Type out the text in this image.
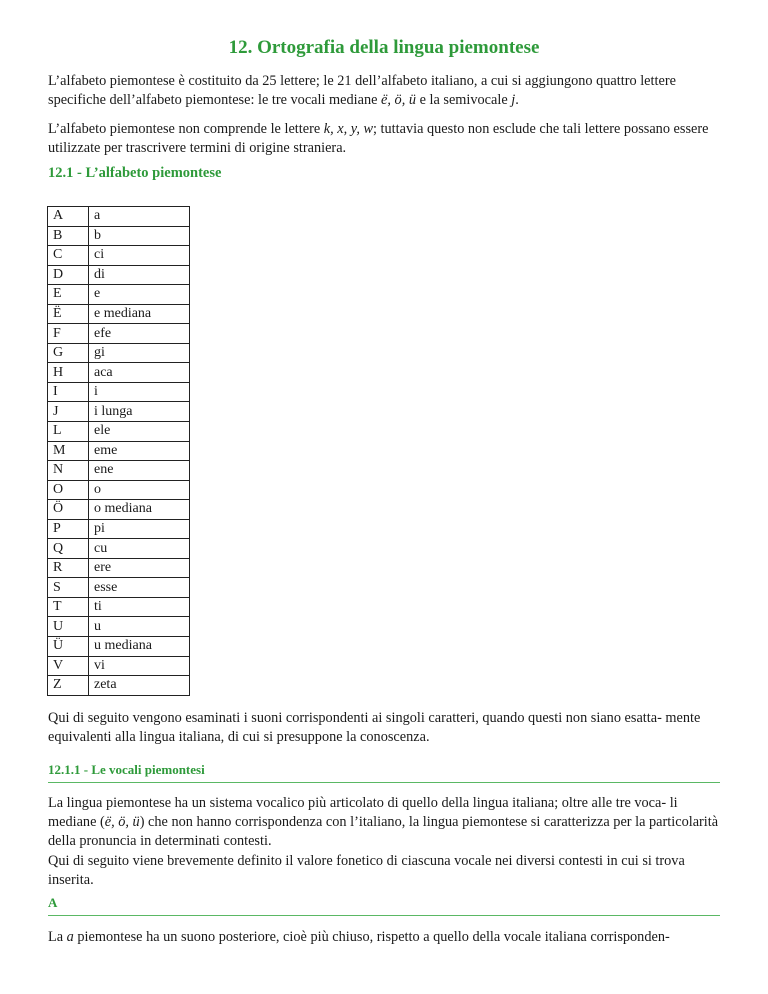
12. Ortografia della lingua piemontese

L’alfabeto piemontese è costituito da 25 lettere; le 21 dell’alfabeto italiano, a cui si aggiungono quattro lettere specifiche dell’alfabeto piemontese: le tre vocali mediane ë, ö, ü e la semivocale j.

L’alfabeto piemontese non comprende le lettere k, x, y, w; tuttavia questo non esclude che tali lettere possano essere utilizzate per trascrivere termini di origine straniera.

12.1 - L’alfabeto piemontese
A	a
B	b
C	ci
D	di
E	e
Ë	e mediana
F	efe
G	gi
H	aca
I	i
J	i lunga
L	ele
M	eme
N	ene
O	o
Ö	o mediana
P	pi
Q	cu
R	ere
S	esse
T	ti
U	u
Ü	u mediana
V	vi
Z	zeta
Qui di seguito vengono esaminati i suoni corrispondenti ai singoli caratteri, quando questi non siano esatta- mente equivalenti alla lingua italiana, di cui si presuppone la conoscenza.
12.1.1 - Le vocali piemontesi

La lingua piemontese ha un sistema vocalico più articolato di quello della lingua italiana; oltre alle tre voca- li mediane (ë, ö, ü) che non hanno corrispondenza con l’italiano, la lingua piemontese si caratterizza per la particolarità della pronuncia in determinati contesti.

Qui di seguito viene brevemente definito il valore fonetico di ciascuna vocale nei diversi contesti in cui si trova inserita.
A

La a piemontese ha un suono posteriore, cioè più chiuso, rispetto a quello della vocale italiana corrisponden-
